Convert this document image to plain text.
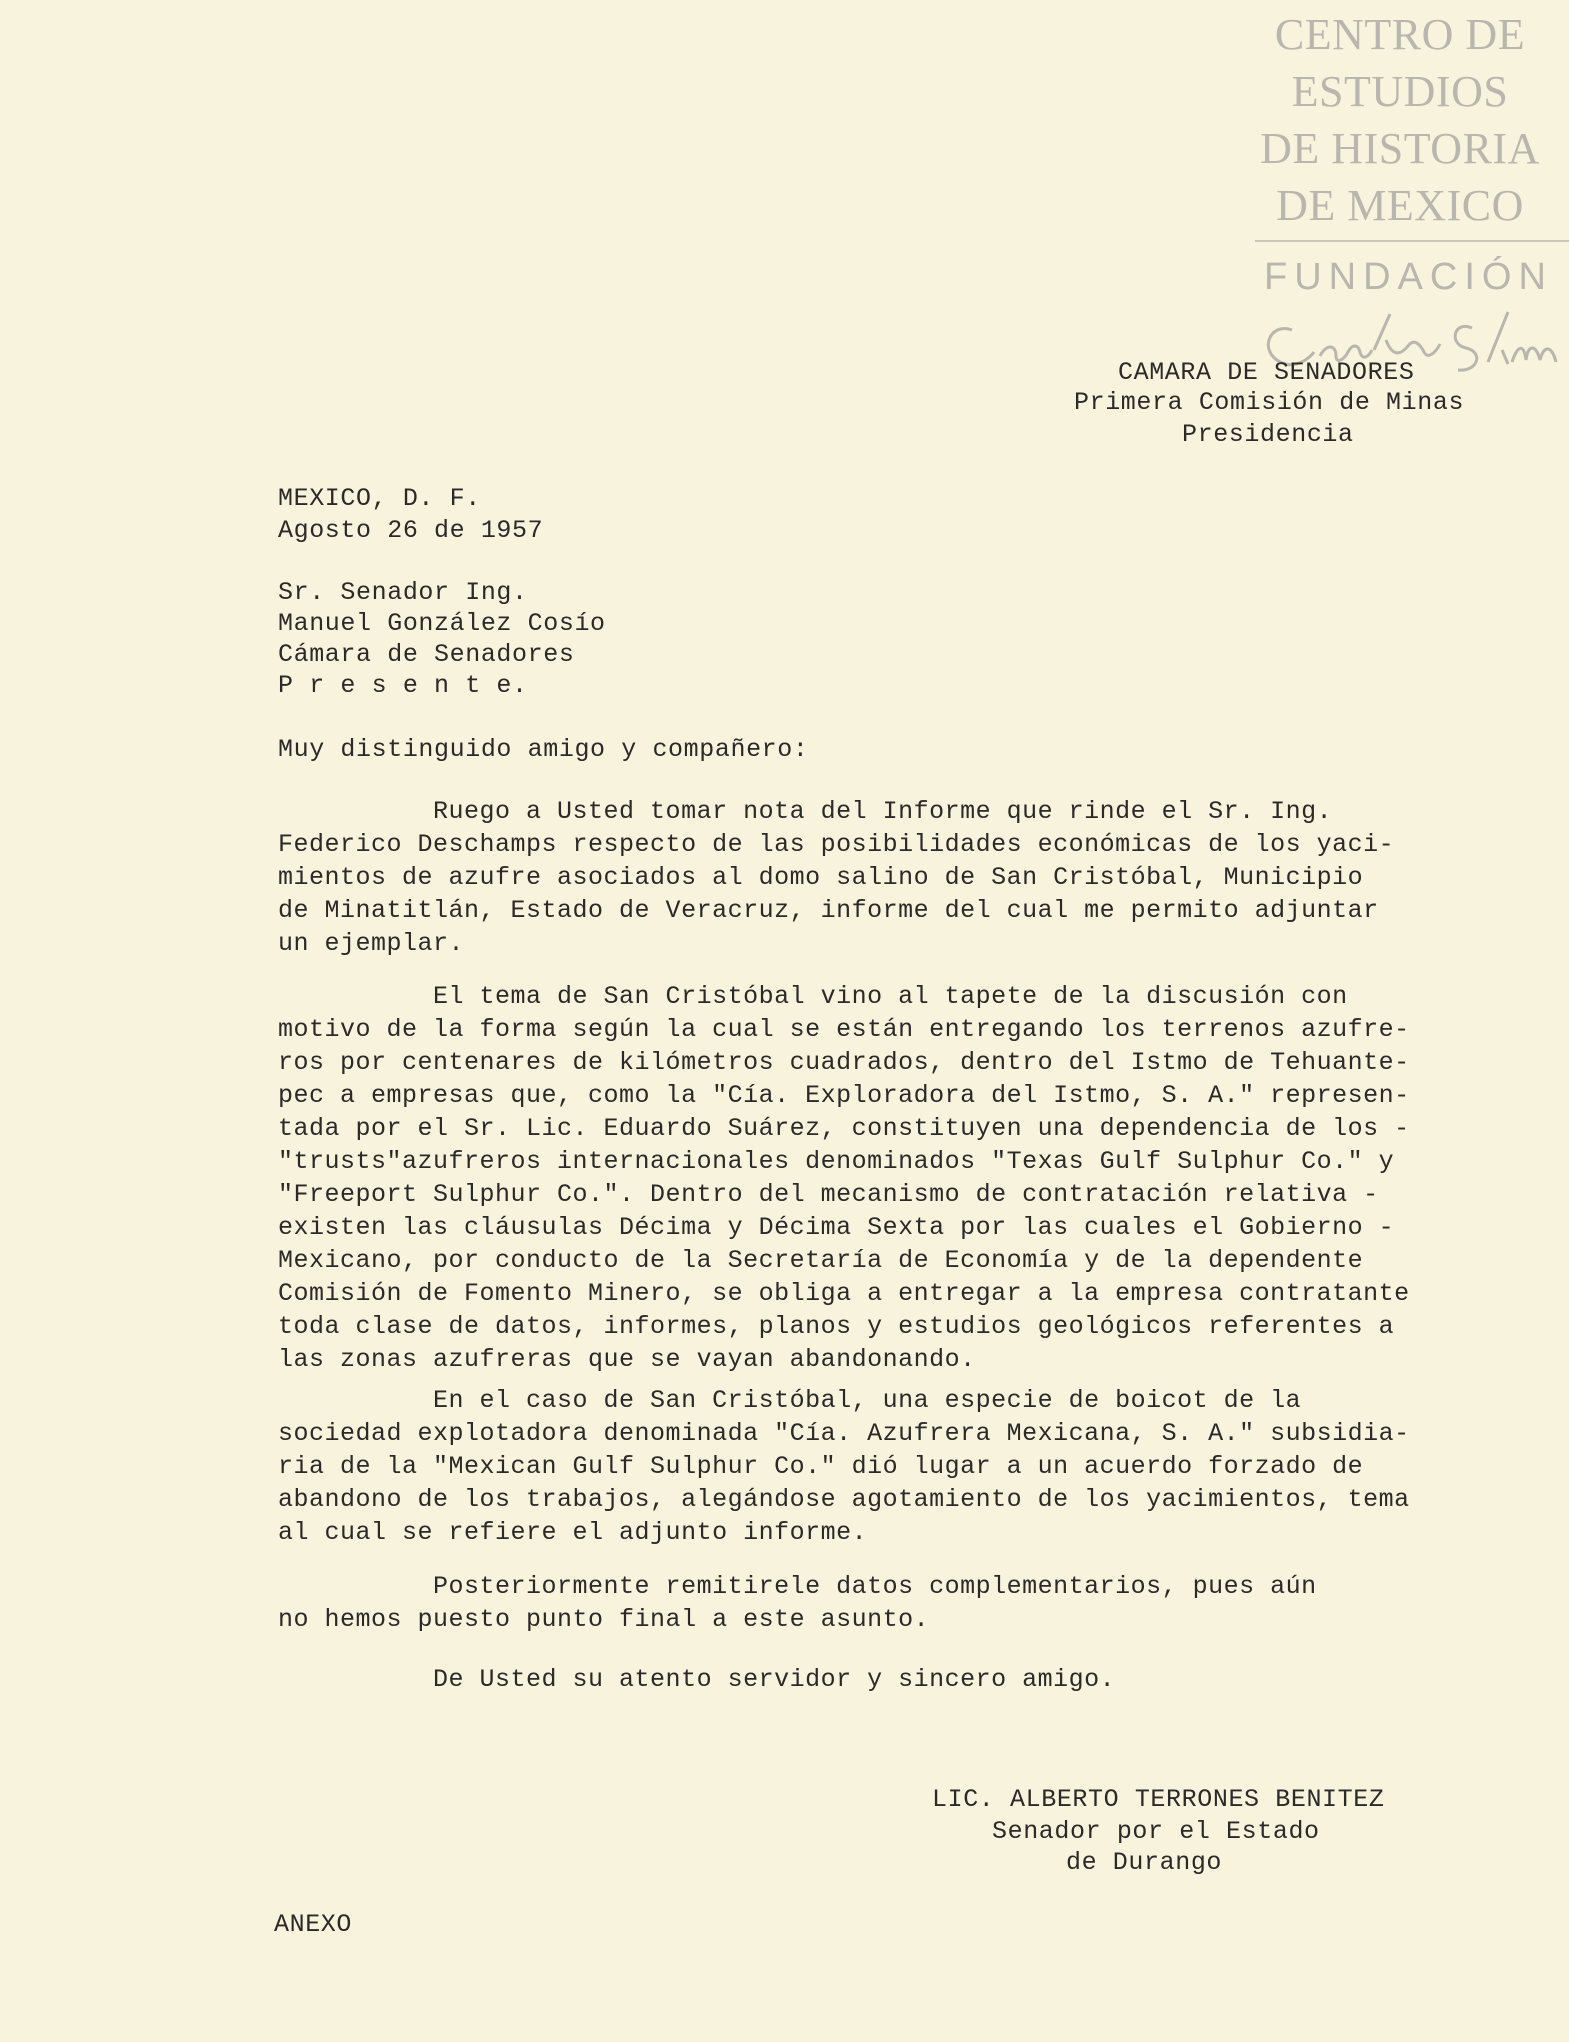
CENTRO DE
ESTUDIOS
DE HISTORIA
DE MEXICO
FUNDACIÓN
CAMARA DE SENADORES
Primera Comisión de Minas
Presidencia
MEXICO, D. F.
Agosto 26 de 1957
Sr. Senador Ing.
Manuel González Cosío
Cámara de Senadores
P r e s e n t e.
Muy distinguido amigo y compañero:
Ruego a Usted tomar nota del Informe que rinde el Sr. Ing.
Federico Deschamps respecto de las posibilidades económicas de los yaci-
mientos de azufre asociados al domo salino de San Cristóbal, Municipio
de Minatitlán, Estado de Veracruz, informe del cual me permito adjuntar
un ejemplar.
El tema de San Cristóbal vino al tapete de la discusión con
motivo de la forma según la cual se están entregando los terrenos azufre-
ros por centenares de kilómetros cuadrados, dentro del Istmo de Tehuante-
pec a empresas que, como la "Cía. Exploradora del Istmo, S. A." represen-
tada por el Sr. Lic. Eduardo Suárez, constituyen una dependencia de los -
"trusts"azufreros internacionales denominados "Texas Gulf Sulphur Co." y
"Freeport Sulphur Co.". Dentro del mecanismo de contratación relativa -
existen las cláusulas Décima y Décima Sexta por las cuales el Gobierno -
Mexicano, por conducto de la Secretaría de Economía y de la dependente
Comisión de Fomento Minero, se obliga a entregar a la empresa contratante
toda clase de datos, informes, planos y estudios geológicos referentes a
las zonas azufreras que se vayan abandonando.
En el caso de San Cristóbal, una especie de boicot de la
sociedad explotadora denominada "Cía. Azufrera Mexicana, S. A." subsidia-
ria de la "Mexican Gulf Sulphur Co." dió lugar a un acuerdo forzado de
abandono de los trabajos, alegándose agotamiento de los yacimientos, tema
al cual se refiere el adjunto informe.
Posteriormente remitirele datos complementarios, pues aún
no hemos puesto punto final a este asunto.
De Usted su atento servidor y sincero amigo.
LIC. ALBERTO TERRONES BENITEZ
Senador por el Estado
de Durango
ANEXO
